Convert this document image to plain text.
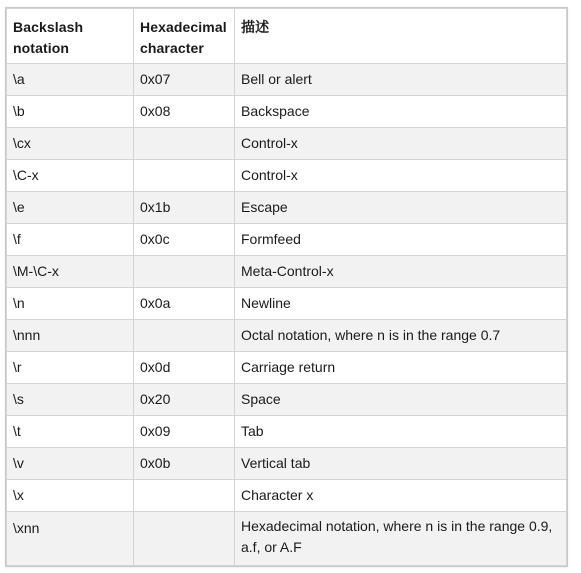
Backslash notation	Hexadecimal character	描述
\a	0x07	Bell or alert
\b	0x08	Backspace
\cx		Control-x
\C-x		Control-x
\e	0x1b	Escape
\f	0x0c	Formfeed
\M-\C-x		Meta-Control-x
\n	0x0a	Newline
\nnn		Octal notation, where n is in the range 0.7
\r	0x0d	Carriage return
\s	0x20	Space
\t	0x09	Tab
\v	0x0b	Vertical tab
\x		Character x
\xnn		Hexadecimal notation, where n is in the range 0.9, a.f, or A.F
